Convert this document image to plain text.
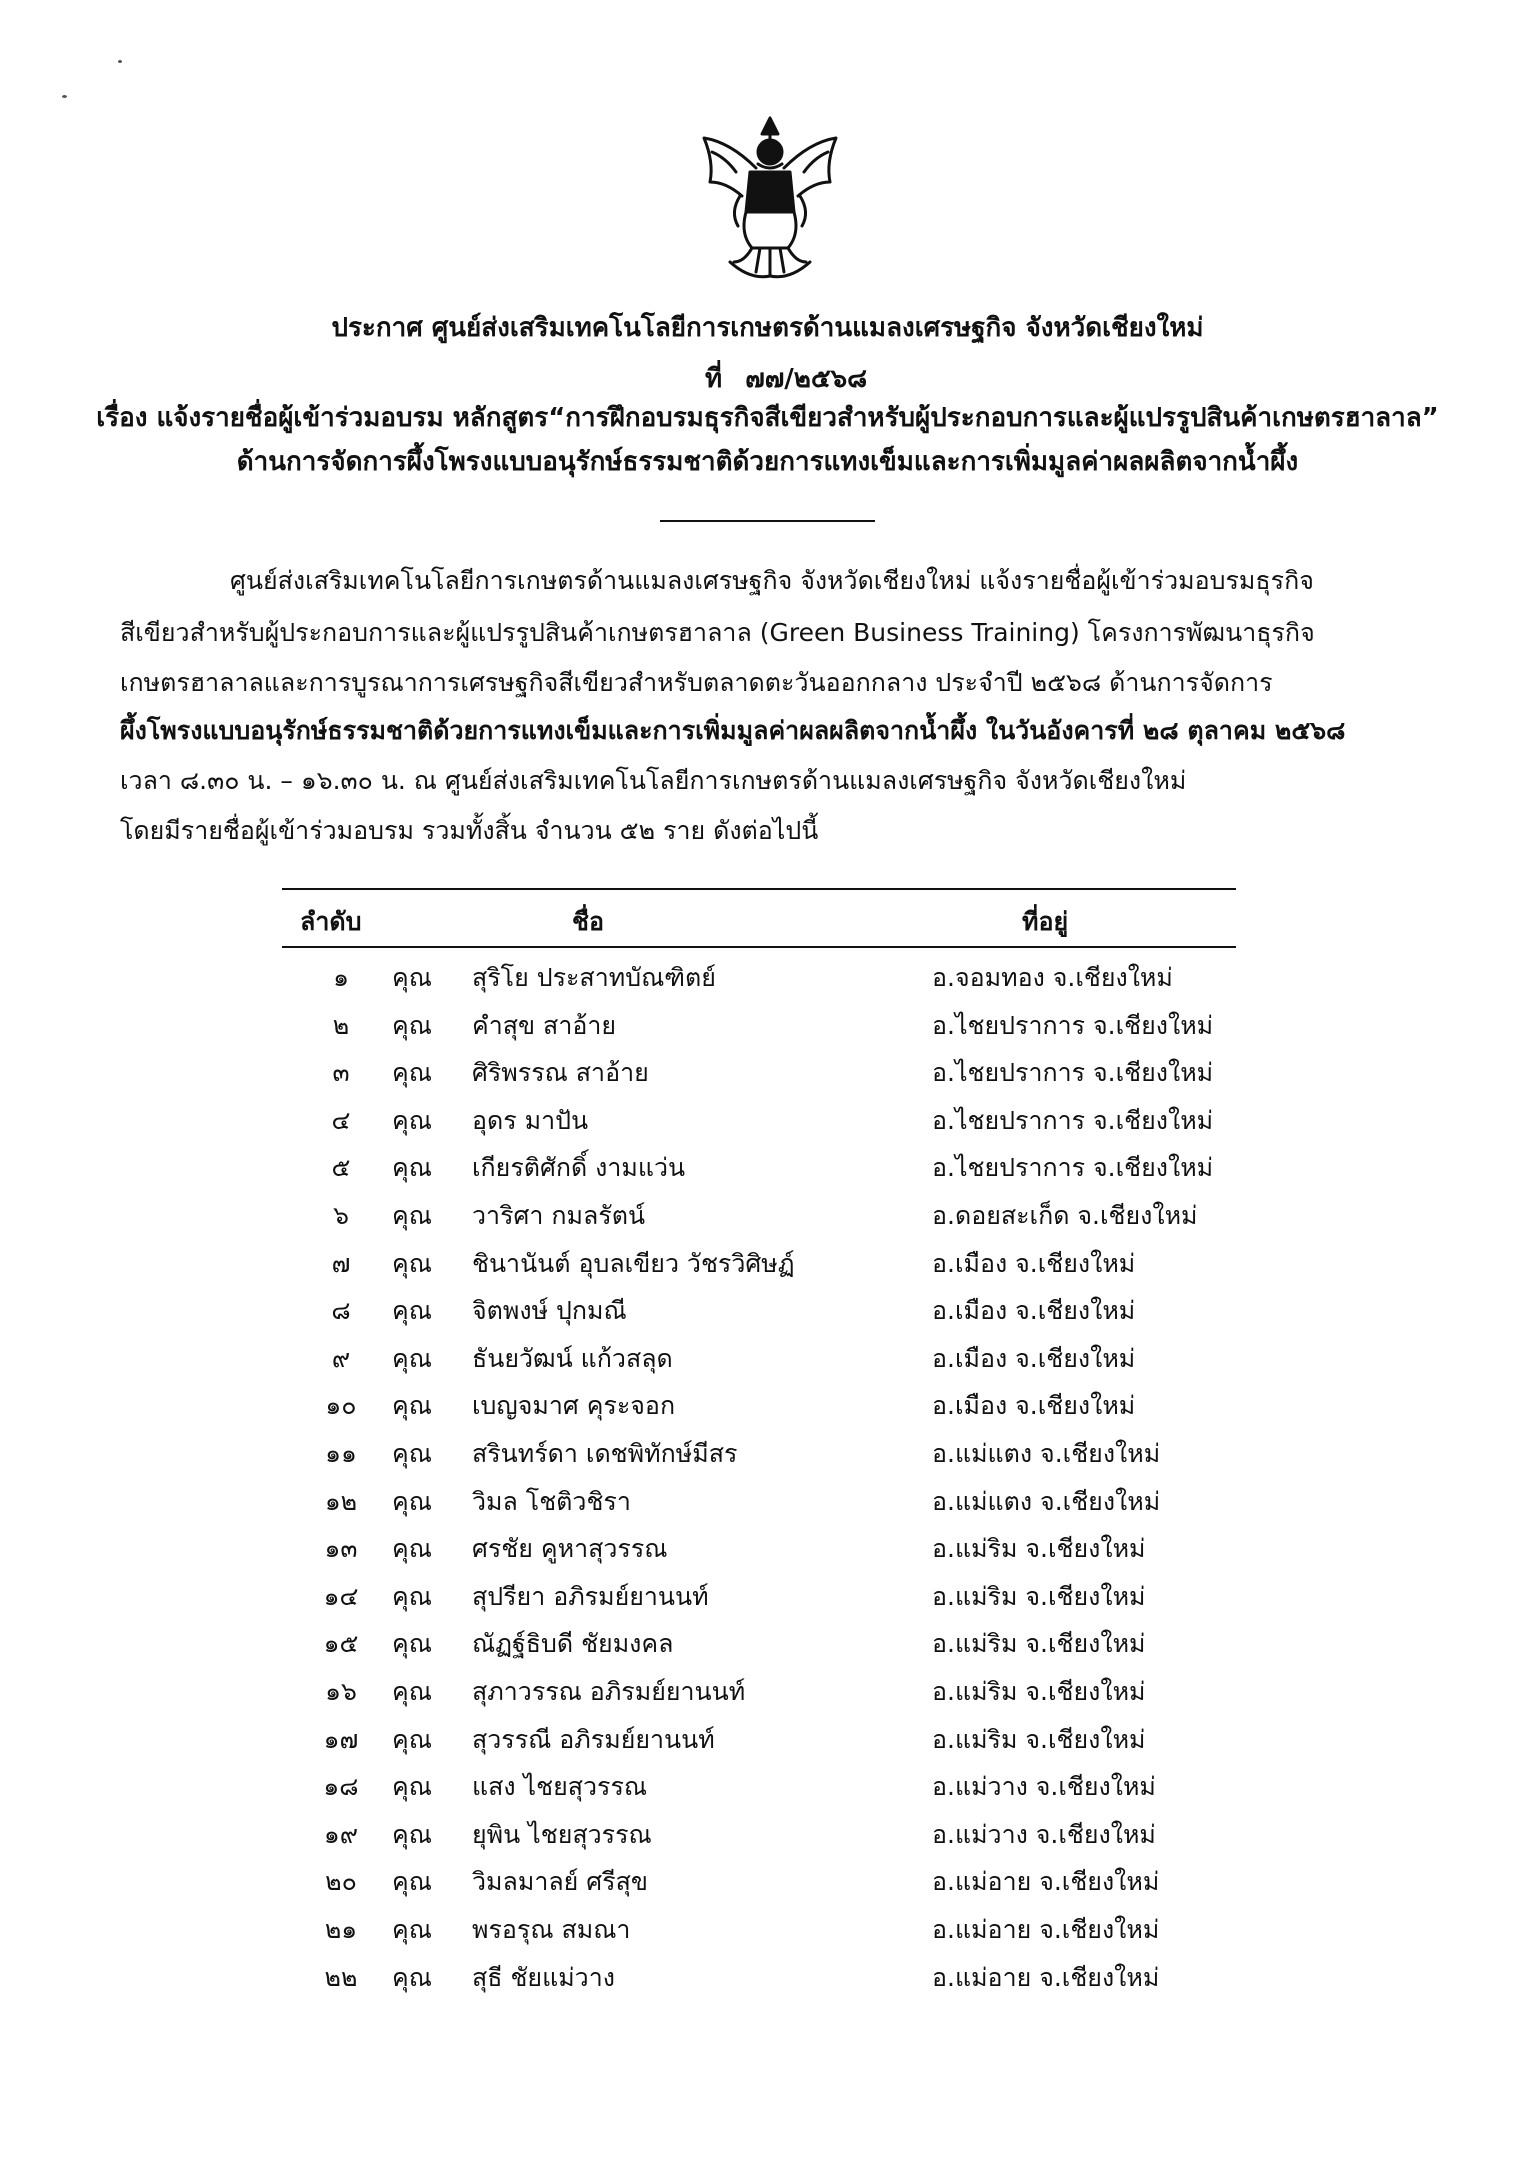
ประกาศ ศูนย์ส่งเสริมเทคโนโลยีการเกษตรด้านแมลงเศรษฐกิจ จังหวัดเชียงใหม่
ที่ ๗๗/๒๕๖๘
เรื่อง แจ้งรายชื่อผู้เข้าร่วมอบรม หลักสูตร“การฝึกอบรมธุรกิจสีเขียวสำหรับผู้ประกอบการและผู้แปรรูปสินค้าเกษตรฮาลาล”
ด้านการจัดการผึ้งโพรงแบบอนุรักษ์ธรรมชาติด้วยการแทงเข็มและการเพิ่มมูลค่าผลผลิตจากน้ำผึ้ง
ศูนย์ส่งเสริมเทคโนโลยีการเกษตรด้านแมลงเศรษฐกิจ จังหวัดเชียงใหม่ แจ้งรายชื่อผู้เข้าร่วมอบรมธุรกิจ
สีเขียวสำหรับผู้ประกอบการและผู้แปรรูปสินค้าเกษตรฮาลาล (Green Business Training) โครงการพัฒนาธุรกิจ
เกษตรฮาลาลและการบูรณาการเศรษฐกิจสีเขียวสำหรับตลาดตะวันออกกลาง ประจำปี ๒๕๖๘ ด้านการจัดการ
ผึ้งโพรงแบบอนุรักษ์ธรรมชาติด้วยการแทงเข็มและการเพิ่มมูลค่าผลผลิตจากน้ำผึ้ง ในวันอังคารที่ ๒๘ ตุลาคม ๒๕๖๘
เวลา ๘.๓๐ น. – ๑๖.๓๐ น. ณ ศูนย์ส่งเสริมเทคโนโลยีการเกษตรด้านแมลงเศรษฐกิจ จังหวัดเชียงใหม่
โดยมีรายชื่อผู้เข้าร่วมอบรม รวมทั้งสิ้น จำนวน ๕๒ ราย ดังต่อไปนี้
ลำดับ	ชื่อ	ที่อยู่
๑	คุณ สุริโย ประสาทบัณฑิตย์	อ.จอมทอง จ.เชียงใหม่
๒	คุณ คำสุข สาอ้าย	อ.ไชยปราการ จ.เชียงใหม่
๓	คุณ ศิริพรรณ สาอ้าย	อ.ไชยปราการ จ.เชียงใหม่
๔	คุณ อุดร มาปัน	อ.ไชยปราการ จ.เชียงใหม่
๕	คุณ เกียรติศักดิ์ งามแว่น	อ.ไชยปราการ จ.เชียงใหม่
๖	คุณ วาริศา กมลรัตน์	อ.ดอยสะเก็ด จ.เชียงใหม่
๗	คุณ ชินานันต์ อุบลเขียว วัชรวิศิษฏ์	อ.เมือง จ.เชียงใหม่
๘	คุณ จิตพงษ์ ปุกมณี	อ.เมือง จ.เชียงใหม่
๙	คุณ ธันยวัฒน์ แก้วสลุด	อ.เมือง จ.เชียงใหม่
๑๐	คุณ เบญจมาศ คุระจอก	อ.เมือง จ.เชียงใหม่
๑๑	คุณ สรินทร์ดา เดชพิทักษ์มีสร	อ.แม่แตง จ.เชียงใหม่
๑๒	คุณ วิมล โชติวชิรา	อ.แม่แตง จ.เชียงใหม่
๑๓	คุณ ศรชัย คูหาสุวรรณ	อ.แม่ริม จ.เชียงใหม่
๑๔	คุณ สุปรียา อภิรมย์ยานนท์	อ.แม่ริม จ.เชียงใหม่
๑๕	คุณ ณัฏฐ์ธิบดี ชัยมงคล	อ.แม่ริม จ.เชียงใหม่
๑๖	คุณ สุภาวรรณ อภิรมย์ยานนท์	อ.แม่ริม จ.เชียงใหม่
๑๗	คุณ สุวรรณี อภิรมย์ยานนท์	อ.แม่ริม จ.เชียงใหม่
๑๘ คุณ แสง ไชยสุวรรณ	อ.แม่วาง จ.เชียงใหม่
๑๙	คุณ ยุพิน ไชยสุวรรณ	อ.แม่วาง จ.เชียงใหม่
๒๐	คุณ วิมลมาลย์ ศรีสุข	อ.แม่อาย จ.เชียงใหม่
๒๑	คุณ พรอรุณ สมณา	อ.แม่อาย จ.เชียงใหม่
๒๒	คุณ สุธี ชัยแม่วาง	อ.แม่อาย จ.เชียงใหม่
